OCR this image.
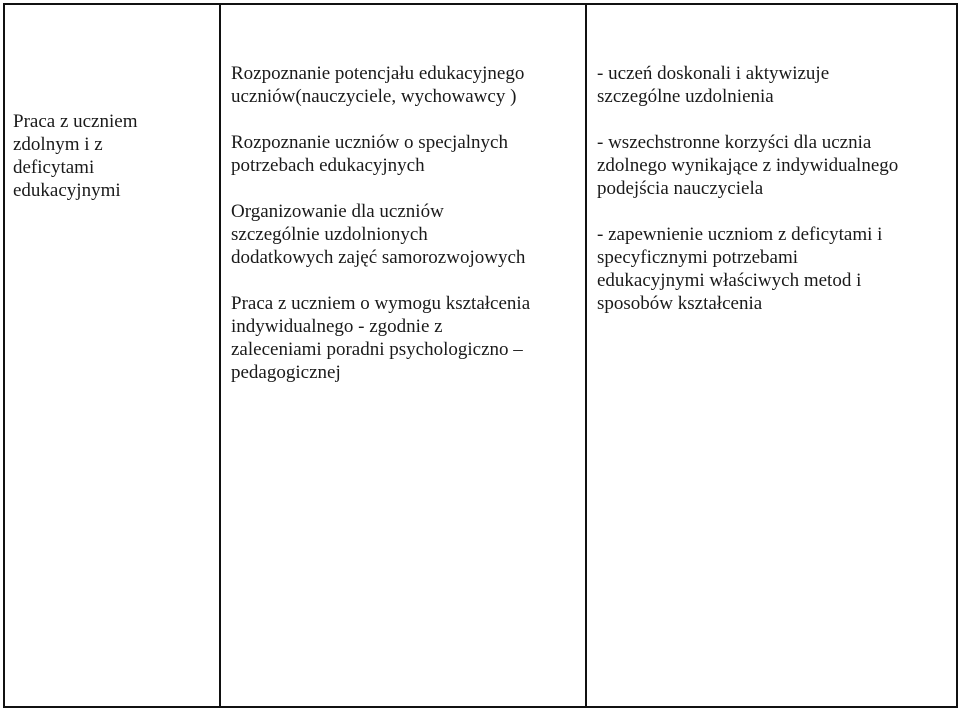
Praca z uczniem
zdolnym i z
deficytami
edukacyjnymi

Rozpoznanie potencjału edukacyjnego
uczniów(nauczyciele, wychowawcy )
Rozpoznanie uczniów o specjalnych
potrzebach edukacyjnych
Organizowanie dla uczniów
szczególnie uzdolnionych
dodatkowych zajęć samorozwojowych
Praca z uczniem o wymogu kształcenia
indywidualnego - zgodnie z
zaleceniami poradni psychologiczno –
pedagogicznej

- uczeń doskonali i aktywizuje
szczególne uzdolnienia
- wszechstronne korzyści dla ucznia
zdolnego wynikające z indywidualnego
podejścia nauczyciela
- zapewnienie uczniom z deficytami i
specyficznymi potrzebami
edukacyjnymi właściwych metod i
sposobów kształcenia
